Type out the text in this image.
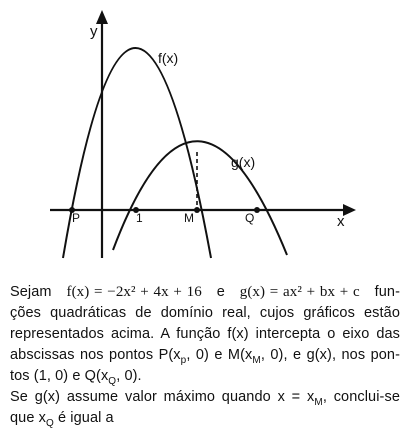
y
x
f(x)
g(x)
P	1	M	Q
Sejam f(x) = −2x² + 4x + 16 e g(x) = ax² + bx + c fun-
ções quadráticas de domínio real, cujos gráficos estão
representados acima. A função f(x) intercepta o eixo das
abscissas nos pontos $P(x_p$, 0) e $M(x_M$, 0), e g(x), nos pon-
tos (1, 0) e $Q(x_Q$, 0).
Se g(x) assume valor máximo quando $x = x_M$, conclui-se
que $x_Q$ é igual a
